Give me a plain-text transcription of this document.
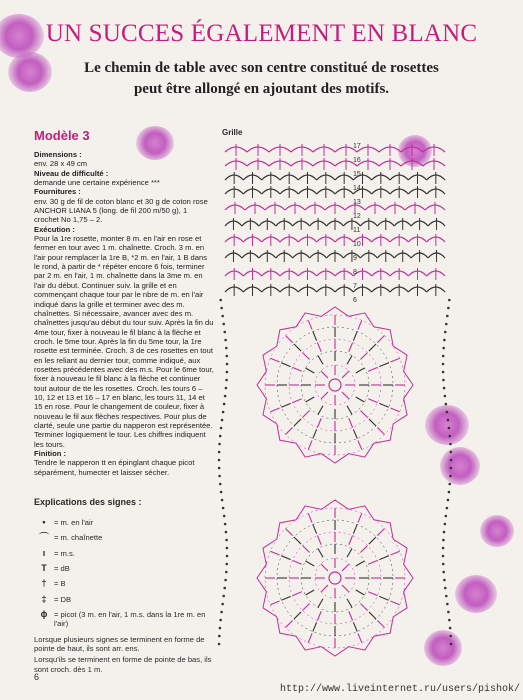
UN SUCCES ÉGALEMENT EN BLANC
Le chemin de table avec son centre constitué de rosettes
peut être allongé en ajoutant des motifs.
Modèle 3
Dimensions :

env. 28 x 49 cm

Niveau de difficulté :

demande une certaine expérience ***

Fournitures :

env. 30 g de fil de coton blanc et 30 g de coton rose ANCHOR LIANA 5 (long. de fil 200 m/50 g), 1 crochet No 1,75 – 2.

Exécution :

Pour la 1re rosette, monter 8 m. en l'air en rose et fermer en tour avec 1 m. chaînette. Croch. 3 m. en l'air pour remplacer la 1re B, *2 m. en l'air, 1 B dans le rond, à partir de * répéter encore 6 fois, terminer par 2 m. en l'air, 1 m. chaînette dans la 3me m. en l'air du début. Continuer suiv. la grille et en commençant chaque tour par le nbre de m. en l'air indiqué dans la grille et terminer avec des m. chaînettes. Si nécessaire, avancer avec des m. chaînettes jusqu'au début du tour suiv. Après la fin du 4me tour, fixer à nouveau le fil blanc à la flèche et croch. le 5me tour. Après la fin du 5me tour, la 1re rosette est terminée. Croch. 3 de ces rosettes en tout en les reliant au dernier tour, comme indiqué, aux rosettes précédentes avec des m.s. Pour le 6me tour, fixer à nouveau le fil blanc à la flèche et continuer tout autour de tte les rosettes. Croch. les tours 6 – 10, 12 et 13 et 16 – 17 en blanc, les tours 11, 14 et 15 en rose. Pour le changement de couleur, fixer à nouveau le fil aux flèches respectives. Pour plus de clarté, seule une partie du napperon est représentée. Terminer logiquement le tour. Les chiffres indiquent les tours.

Finition :

Tendre le napperon tt en épinglant chaque picot séparément, humecter et laisser sécher.

Explications des signes :
•	= m. en l'air
⌒ = m. chaînette
ı	= m.s.
T = dB
† = B
‡ = DB
ɸ = picot (3 m. en l'air, 1 m.s. dans la 1re m. en l'air)

Lorsque plusieurs signes se terminent en forme de pointe de haut, ils sont arr. ens.

Lorsqu'ils se terminent en forme de pointe de bas, ils sont croch. dès 1 m.

Grille
17
16
15
14
13
12
11
10
9
8
7
6
6
http://www.liveinternet.ru/users/pishok/
